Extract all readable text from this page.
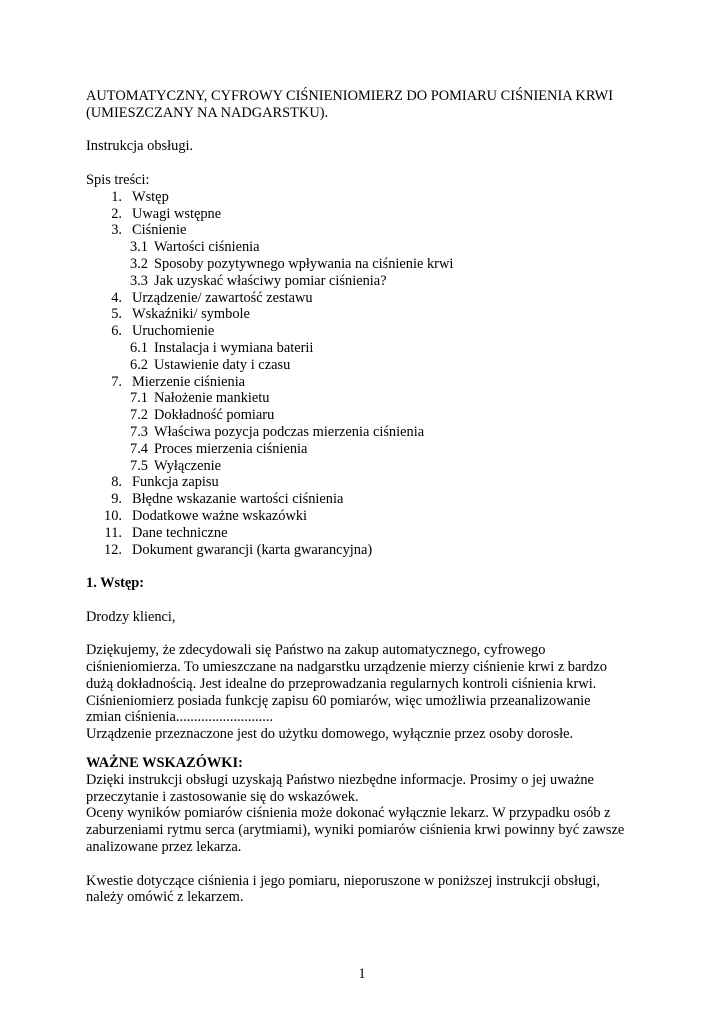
AUTOMATYCZNY, CYFROWY CIŚNIENIOMIERZ DO POMIARU CIŚNIENIA KRWI
(UMIESZCZANY NA NADGARSTKU).
Instrukcja obsługi.
Spis treści:
1. Wstęp
2. Uwagi wstępne
3. Ciśnienie
3.1 Wartości ciśnienia
3.2 Sposoby pozytywnego wpływania na ciśnienie krwi
3.3 Jak uzyskać właściwy pomiar ciśnienia?
4. Urządzenie/ zawartość zestawu
5. Wskaźniki/ symbole
6. Uruchomienie
6.1 Instalacja i wymiana baterii
6.2 Ustawienie daty i czasu
7. Mierzenie ciśnienia
7.1 Nałożenie mankietu
7.2 Dokładność pomiaru
7.3 Właściwa pozycja podczas mierzenia ciśnienia
7.4 Proces mierzenia ciśnienia
7.5 Wyłączenie
8. Funkcja zapisu
9. Błędne wskazanie wartości ciśnienia
10. Dodatkowe ważne wskazówki
11. Dane techniczne
12. Dokument gwarancji (karta gwarancyjna)
1. Wstęp:
Drodzy klienci,
Dziękujemy, że zdecydowali się Państwo na zakup automatycznego, cyfrowego
ciśnieniomierza. To umieszczane na nadgarstku urządzenie mierzy ciśnienie krwi z bardzo
dużą dokładnością. Jest idealne do przeprowadzania regularnych kontroli ciśnienia krwi.
Ciśnieniomierz posiada funkcję zapisu 60 pomiarów, więc umożliwia przeanalizowanie
zmian ciśnienia...........................
Urządzenie przeznaczone jest do użytku domowego, wyłącznie przez osoby dorosłe.
WAŻNE WSKAZÓWKI:
Dzięki instrukcji obsługi uzyskają Państwo niezbędne informacje. Prosimy o jej uważne
przeczytanie i zastosowanie się do wskazówek.
Oceny wyników pomiarów ciśnienia może dokonać wyłącznie lekarz. W przypadku osób z
zaburzeniami rytmu serca (arytmiami), wyniki pomiarów ciśnienia krwi powinny być zawsze
analizowane przez lekarza.
Kwestie dotyczące ciśnienia i jego pomiaru, nieporuszone w poniższej instrukcji obsługi,
należy omówić z lekarzem.
1
